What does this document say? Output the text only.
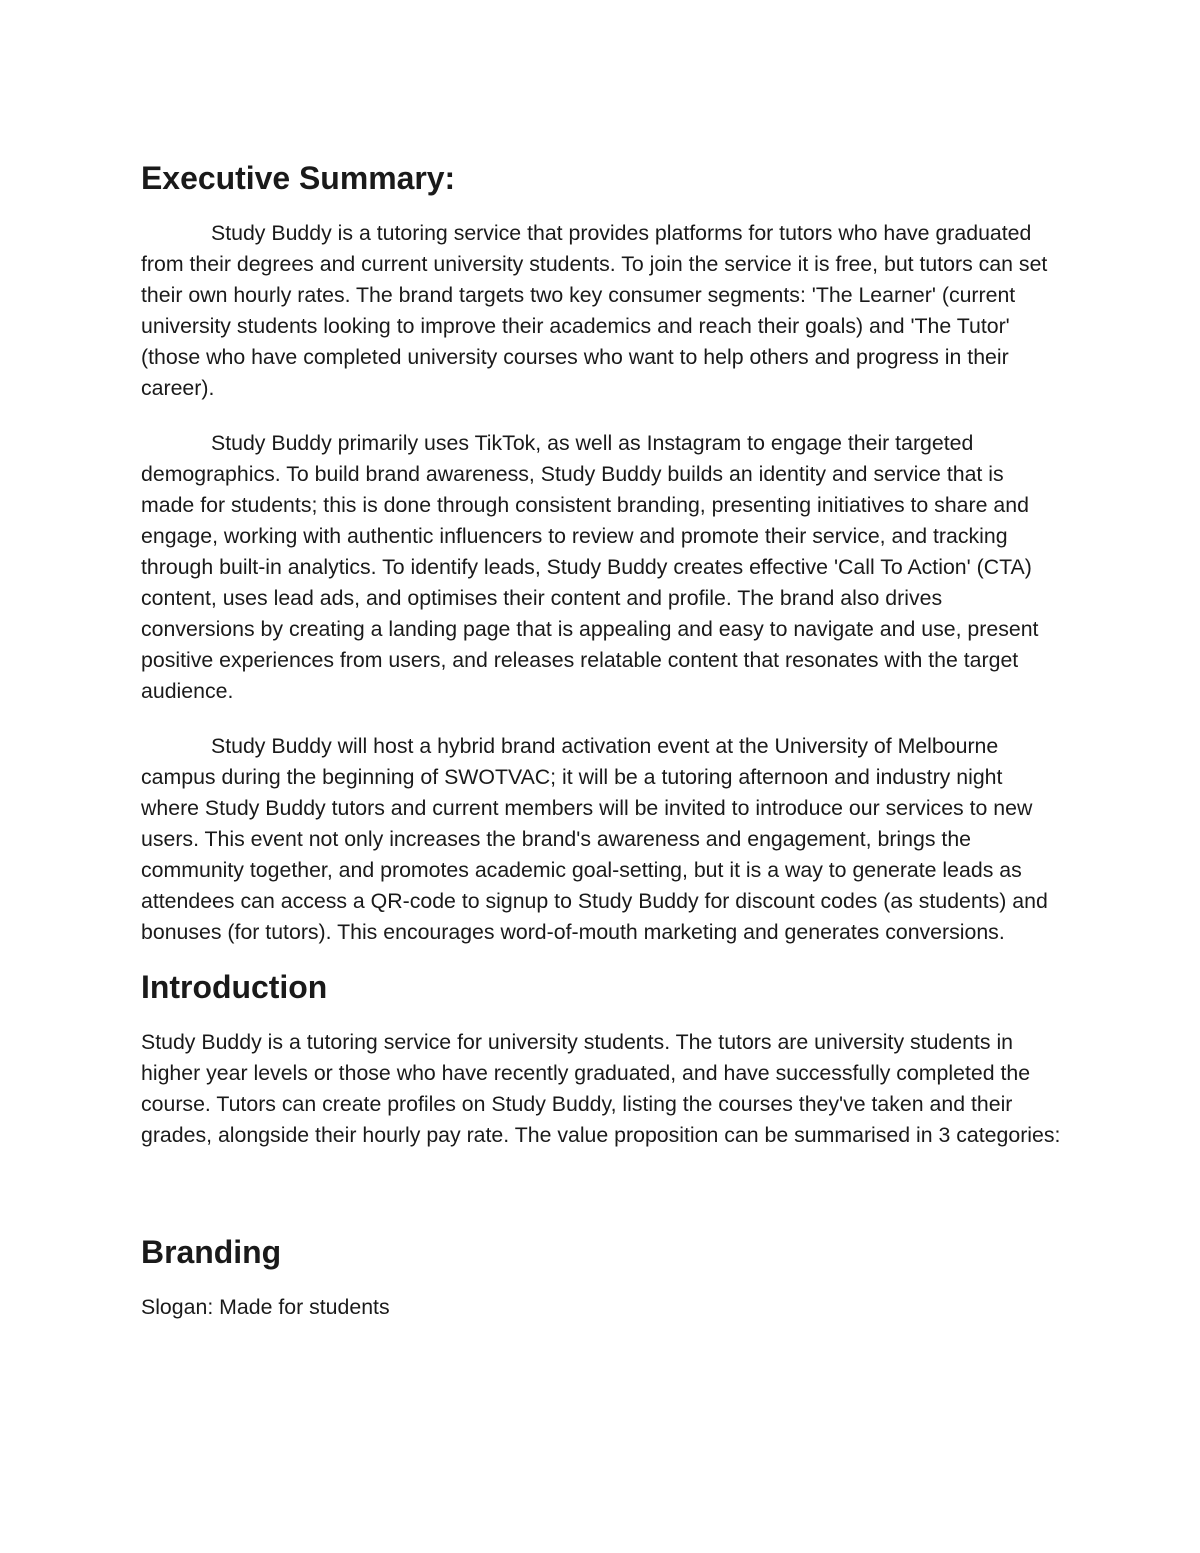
Executive Summary:

Study Buddy is a tutoring service that provides platforms for tutors who have graduated from their degrees and current university students. To join the service it is free, but tutors can set their own hourly rates. The brand targets two key consumer segments: 'The Learner' (current university students looking to improve their academics and reach their goals) and 'The Tutor' (those who have completed university courses who want to help others and progress in their career).

Study Buddy primarily uses TikTok, as well as Instagram to engage their targeted demographics. To build brand awareness, Study Buddy builds an identity and service that is made for students; this is done through consistent branding, presenting initiatives to share and engage, working with authentic influencers to review and promote their service, and tracking through built-in analytics. To identify leads, Study Buddy creates effective 'Call To Action' (CTA) content, uses lead ads, and optimises their content and profile. The brand also drives conversions by creating a landing page that is appealing and easy to navigate and use, present positive experiences from users, and releases relatable content that resonates with the target audience.

Study Buddy will host a hybrid brand activation event at the University of Melbourne campus during the beginning of SWOTVAC; it will be a tutoring afternoon and industry night where Study Buddy tutors and current members will be invited to introduce our services to new users. This event not only increases the brand's awareness and engagement, brings the community together, and promotes academic goal-setting, but it is a way to generate leads as attendees can access a QR-code to signup to Study Buddy for discount codes (as students) and bonuses (for tutors). This encourages word-of-mouth marketing and generates conversions.

Introduction

Study Buddy is a tutoring service for university students. The tutors are university students in higher year levels or those who have recently graduated, and have successfully completed the course. Tutors can create profiles on Study Buddy, listing the courses they've taken and their grades, alongside their hourly pay rate. The value proposition can be summarised in 3 categories:

Branding

Slogan: Made for students
